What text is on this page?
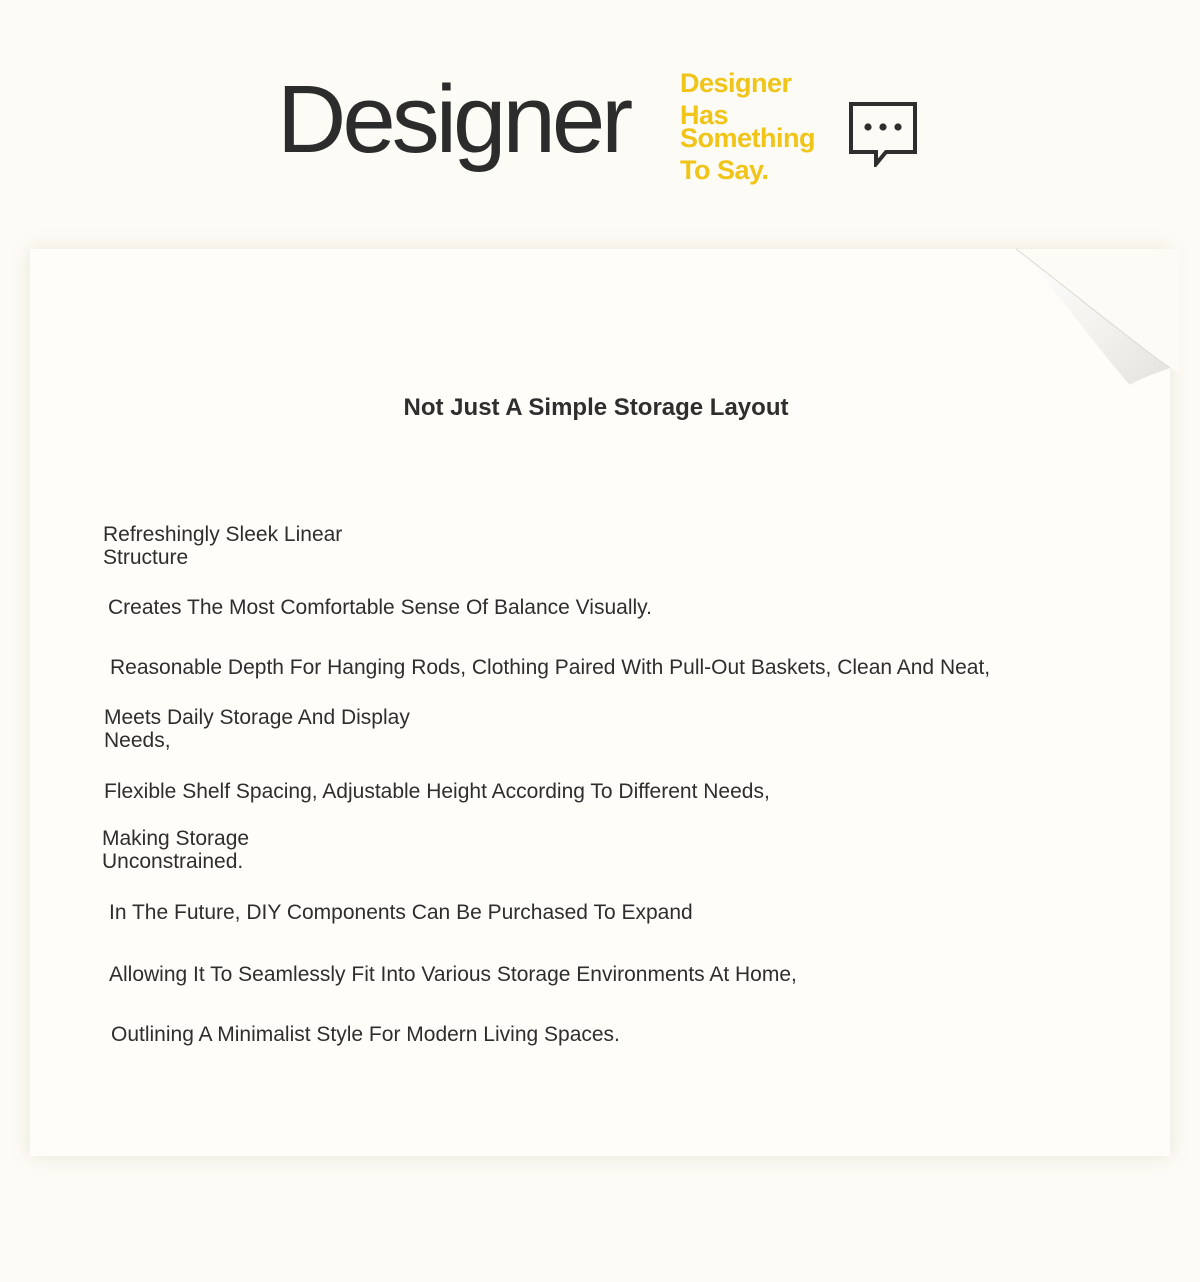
Designer Designer
Has
Something
To Say.
Not Just A Simple Storage Layout
Refreshingly Sleek Linear Structure
Creates The Most Comfortable Sense Of Balance Visually.
Reasonable Depth For Hanging Rods, Clothing Paired With Pull-Out Baskets, Clean And Neat,
Meets Daily Storage And Display Needs,
Flexible Shelf Spacing, Adjustable Height According To Different Needs,
Making Storage Unconstrained.
In The Future, DIY Components Can Be Purchased To Expand
Allowing It To Seamlessly Fit Into Various Storage Environments At Home,
Outlining A Minimalist Style For Modern Living Spaces.
